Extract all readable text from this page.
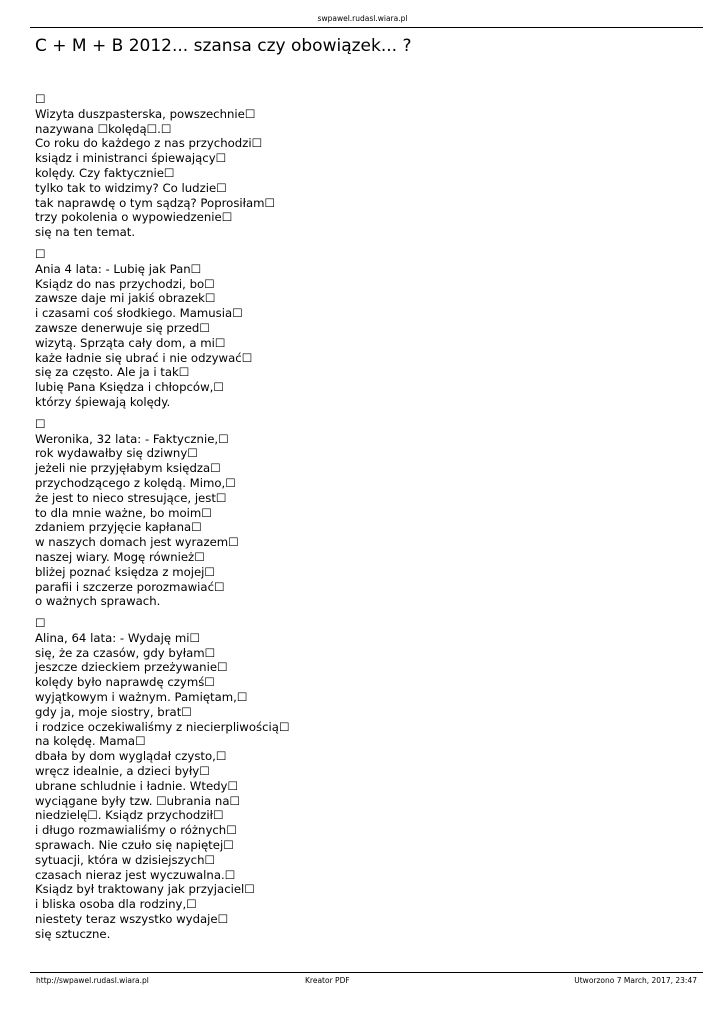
swpawel.rudasl.wiara.pl
C + M + B 2012... szansa czy obowiązek... ?
☐
Wizyta duszpasterska, powszechnie☐
nazywana ☐kolędą☐.☐
Co roku do każdego z nas przychodzi☐
ksiądz i ministranci śpiewający☐
kolędy. Czy faktycznie☐
tylko tak to widzimy? Co ludzie☐
tak naprawdę o tym sądzą? Poprosiłam☐
trzy pokolenia o wypowiedzenie☐
się na ten temat.
☐
Ania 4 lata: - Lubię jak Pan☐
Ksiądz do nas przychodzi, bo☐
zawsze daje mi jakiś obrazek☐
i czasami coś słodkiego. Mamusia☐
zawsze denerwuje się przed☐
wizytą. Sprząta cały dom, a mi☐
każe ładnie się ubrać i nie odzywać☐
się za często. Ale ja i tak☐
lubię Pana Księdza i chłopców,☐
którzy śpiewają kolędy.
☐
Weronika, 32 lata: - Faktycznie,☐
rok wydawałby się dziwny☐
jeżeli nie przyjęłabym księdza☐
przychodzącego z kolędą. Mimo,☐
że jest to nieco stresujące, jest☐
to dla mnie ważne, bo moim☐
zdaniem przyjęcie kapłana☐
w naszych domach jest wyrazem☐
naszej wiary. Mogę również☐
bliżej poznać księdza z mojej☐
parafii i szczerze porozmawiać☐
o ważnych sprawach.
☐
Alina, 64 lata: - Wydaję mi☐
się, że za czasów, gdy byłam☐
jeszcze dzieckiem przeżywanie☐
kolędy było naprawdę czymś☐
wyjątkowym i ważnym. Pamiętam,☐
gdy ja, moje siostry, brat☐
i rodzice oczekiwaliśmy z niecierpliwością☐
na kolędę. Mama☐
dbała by dom wyglądał czysto,☐
wręcz idealnie, a dzieci były☐
ubrane schludnie i ładnie. Wtedy☐
wyciągane były tzw. ☐ubrania na☐
niedzielę☐. Ksiądz przychodził☐
i długo rozmawialiśmy o różnych☐
sprawach. Nie czuło się napiętej☐
sytuacji, która w dzisiejszych☐
czasach nieraz jest wyczuwalna.☐
Ksiądz był traktowany jak przyjaciel☐
i bliska osoba dla rodziny,☐
niestety teraz wszystko wydaje☐
się sztuczne.
http://swpawel.rudasl.wiara.pl	Kreator PDF	Utworzono 7 March, 2017, 23:47
